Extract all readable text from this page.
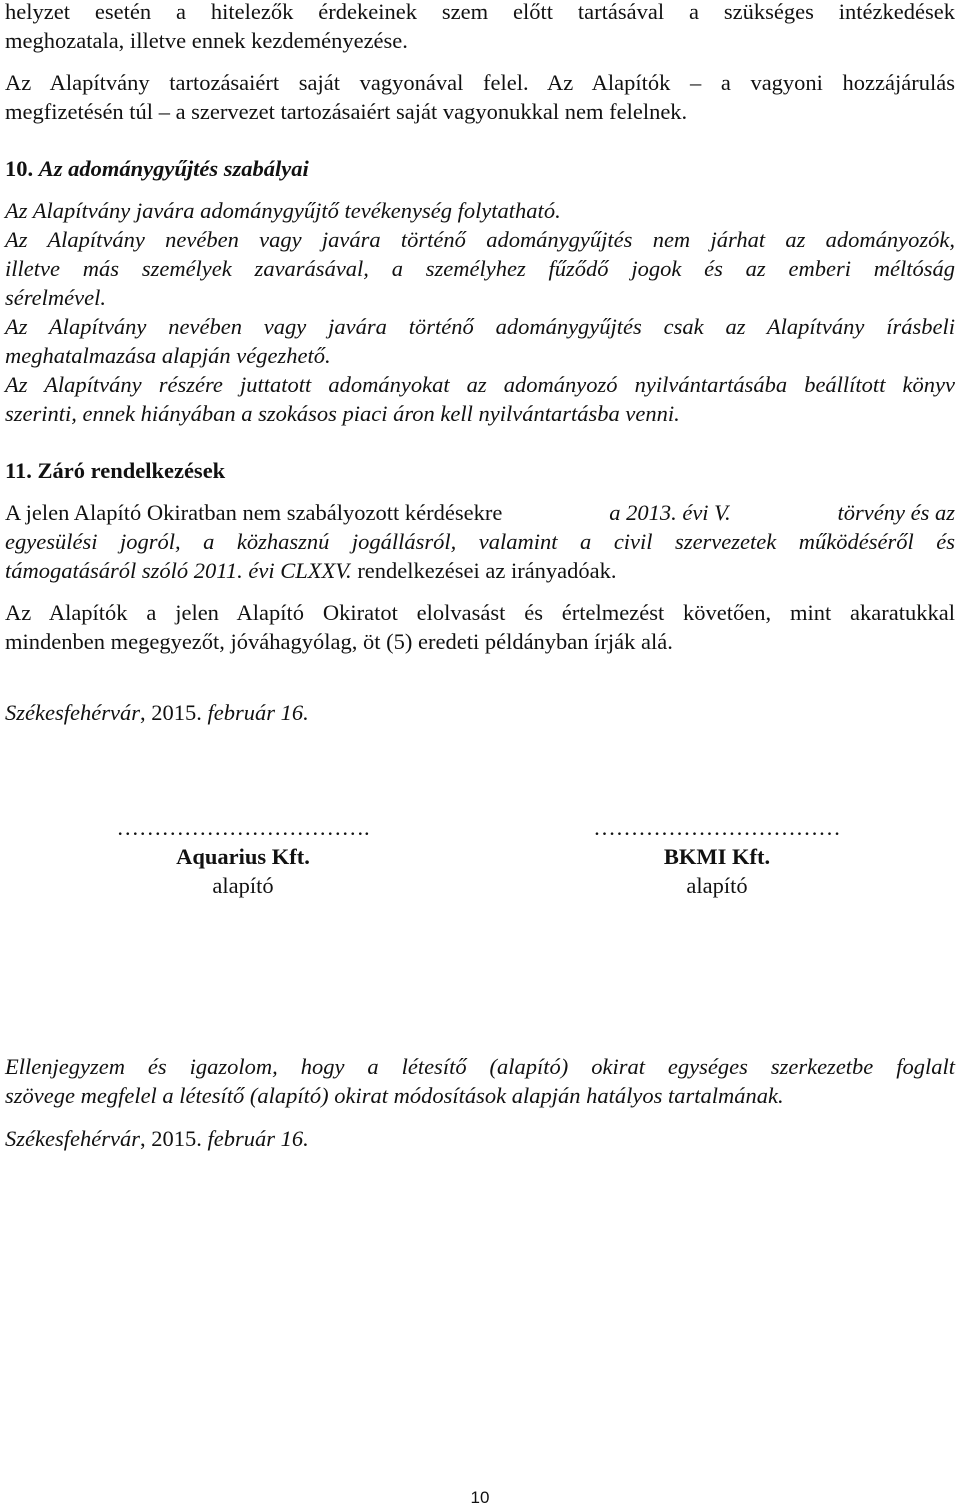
helyzet esetén a hitelezők érdekeinek szem előtt tartásával a szükséges intézkedések
meghozatala, illetve ennek kezdeményezése.
Az Alapítvány tartozásaiért saját vagyonával felel. Az Alapítók – a vagyoni hozzájárulás
megfizetésén túl – a szervezet tartozásaiért saját vagyonukkal nem felelnek.
10. Az adománygyűjtés szabályai
Az Alapítvány javára adománygyűjtő tevékenység folytatható.
Az Alapítvány nevében vagy javára történő adománygyűjtés nem járhat az adományozók,
illetve más személyek zavarásával, a személyhez fűződő jogok és az emberi méltóság
sérelmével.
Az Alapítvány nevében vagy javára történő adománygyűjtés csak az Alapítvány írásbeli
meghatalmazása alapján végezhető.
Az Alapítvány részére juttatott adományokat az adományozó nyilvántartásába beállított könyv
szerinti, ennek hiányában a szokásos piaci áron kell nyilvántartásba venni.
11. Záró rendelkezések
A jelen Alapító Okiratban nem szabályozott kérdésekre	a 2013. évi V.	törvény és az
egyesülési jogról, a közhasznú jogállásról, valamint a civil szervezetek működéséről és
támogatásáról szóló 2011. évi CLXXV. rendelkezései az irányadóak.
Az Alapítók a jelen Alapító Okiratot elolvasást és értelmezést követően, mint akaratukkal
mindenben megegyezőt, jóváhagyólag, öt (5) eredeti példányban írják alá.
Székesfehérvár, 2015. február 16.
…………………………….
Aquarius Kft.
alapító
……………………………
BKMI Kft.
alapító
Ellenjegyzem és igazolom, hogy a létesítő (alapító) okirat egységes szerkezetbe foglalt
szövege megfelel a létesítő (alapító) okirat módosítások alapján hatályos tartalmának.
Székesfehérvár, 2015. február 16.
10
